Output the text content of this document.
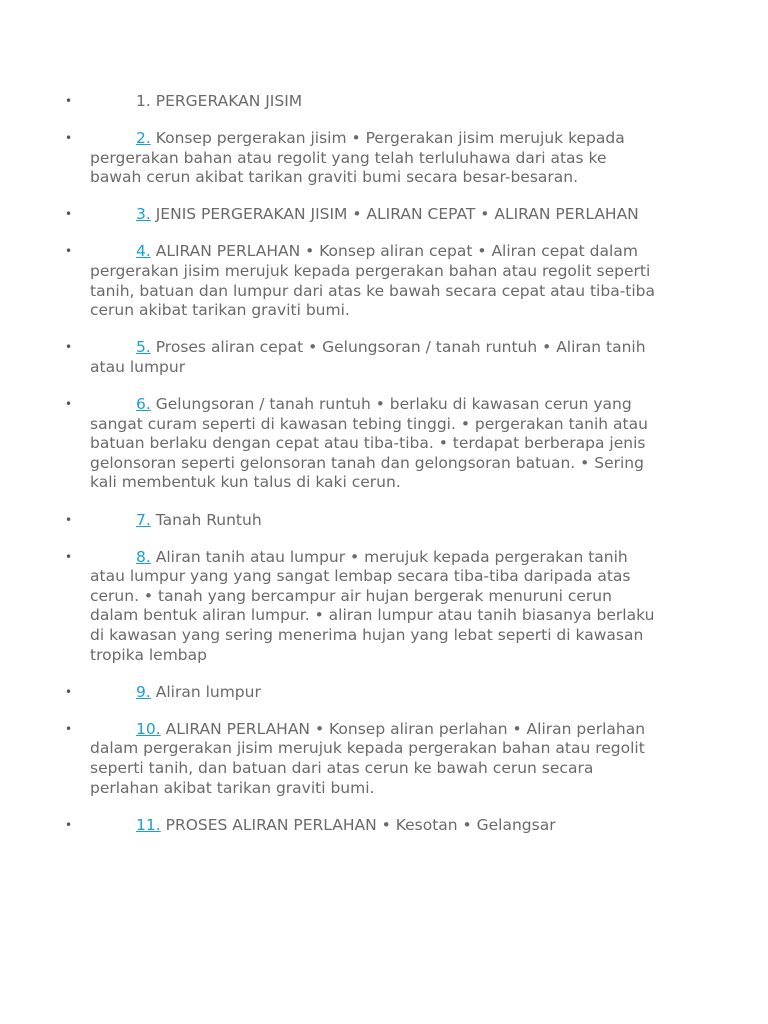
•	1. PERGERAKAN JISIM
•	2. Konsep pergerakan jisim • Pergerakan jisim merujuk kepada pergerakan bahan atau regolit yang telah terluluhawa dari atas ke bawah cerun akibat tarikan graviti bumi secara besar-besaran.
•	3. JENIS PERGERAKAN JISIM • ALIRAN CEPAT • ALIRAN PERLAHAN
•	4. ALIRAN PERLAHAN • Konsep aliran cepat • Aliran cepat dalam pergerakan jisim merujuk kepada pergerakan bahan atau regolit seperti tanih, batuan dan lumpur dari atas ke bawah secara cepat atau tiba-tiba cerun akibat tarikan graviti bumi.
•	5. Proses aliran cepat • Gelungsoran / tanah runtuh • Aliran tanih atau lumpur
•	6. Gelungsoran / tanah runtuh • berlaku di kawasan cerun yang sangat curam seperti di kawasan tebing tinggi. • pergerakan tanih atau batuan berlaku dengan cepat atau tiba-tiba. • terdapat berberapa jenis gelonsoran seperti gelonsoran tanah dan gelongsoran batuan. • Sering kali membentuk kun talus di kaki cerun.
•	7. Tanah Runtuh
•	8. Aliran tanih atau lumpur • merujuk kepada pergerakan tanih atau lumpur yang yang sangat lembap secara tiba-tiba daripada atas cerun. • tanah yang bercampur air hujan bergerak menuruni cerun dalam bentuk aliran lumpur. • aliran lumpur atau tanih biasanya berlaku di kawasan yang sering menerima hujan yang lebat seperti di kawasan tropika lembap
•	9. Aliran lumpur
•	10. ALIRAN PERLAHAN • Konsep aliran perlahan • Aliran perlahan dalam pergerakan jisim merujuk kepada pergerakan bahan atau regolit seperti tanih, dan batuan dari atas cerun ke bawah cerun secara perlahan akibat tarikan graviti bumi.
•	11. PROSES ALIRAN PERLAHAN • Kesotan • Gelangsar
